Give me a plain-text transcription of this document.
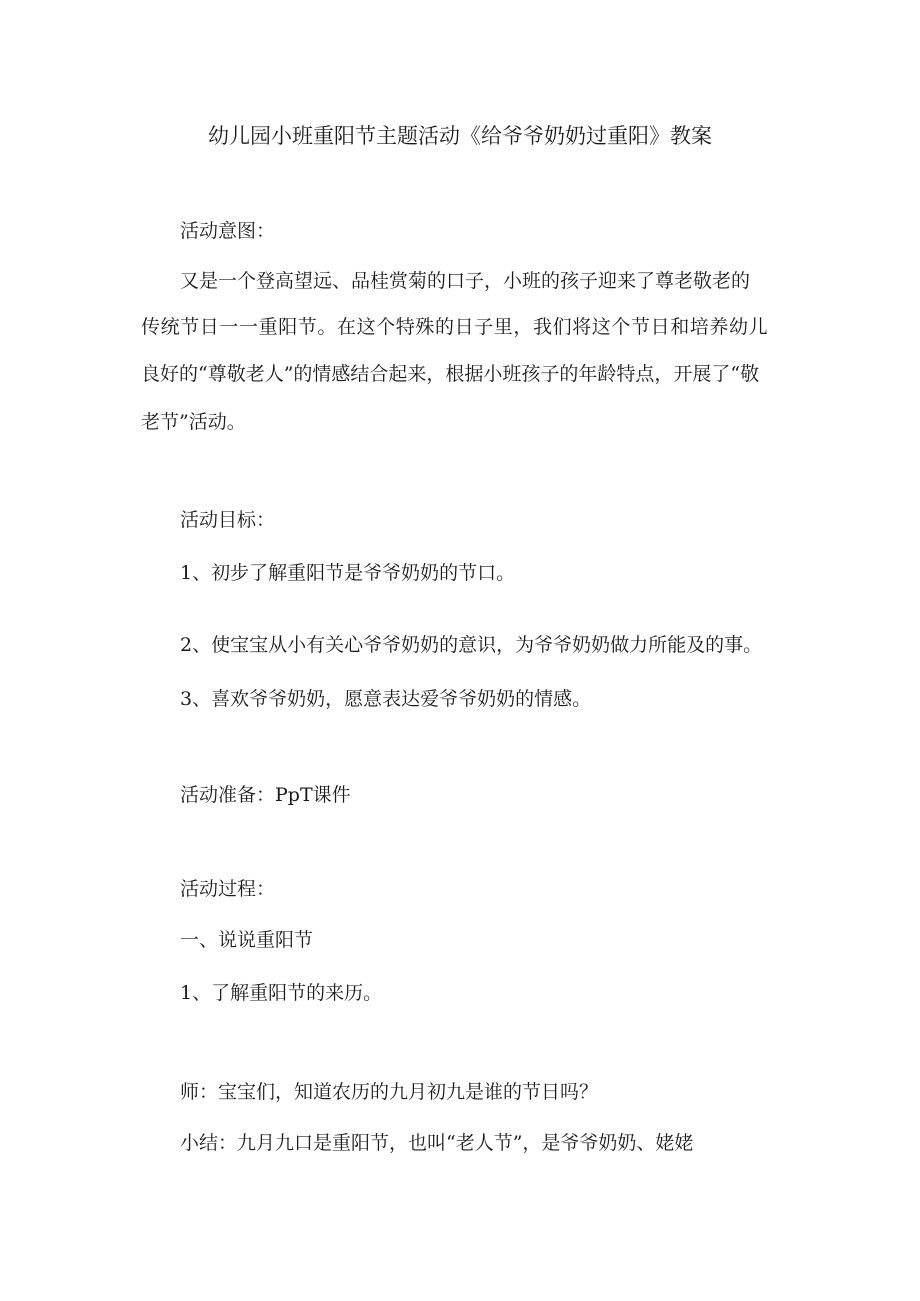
幼儿园小班重阳节主题活动《给爷爷奶奶过重阳》教案
活动意图：
又是一个登高望远、品桂赏菊的口子，小班的孩子迎来了尊老敬老的
传统节日一一重阳节。在这个特殊的日子里，我们将这个节日和培养幼儿
良好的“尊敬老人”的情感结合起来，根据小班孩子的年龄特点，开展了“敬
老节”活动。
活动目标：
1、初步了解重阳节是爷爷奶奶的节口。
2、使宝宝从小有关心爷爷奶奶的意识，为爷爷奶奶做力所能及的事。
3、喜欢爷爷奶奶，愿意表达爱爷爷奶奶的情感。
活动准备：PpT课件
活动过程：
一、说说重阳节
1、了解重阳节的来历。
师：宝宝们，知道农历的九月初九是谁的节日吗？
小结：九月九口是重阳节，也叫“老人节”，是爷爷奶奶、姥姥
